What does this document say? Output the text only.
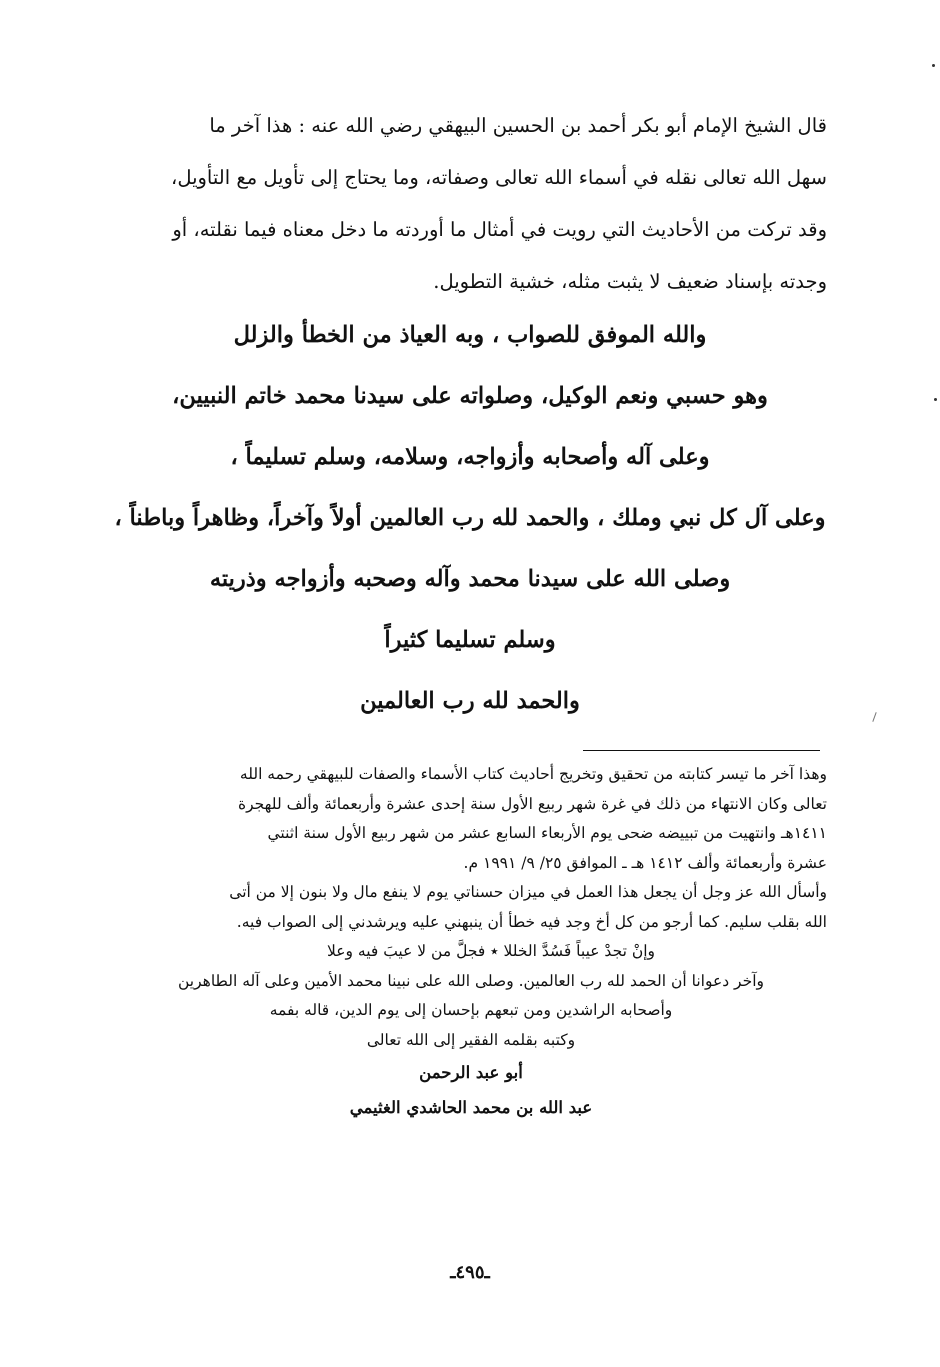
قال الشيخ الإمام أبو بكر أحمد بن الحسين البيهقي رضي الله عنه : هذا آخر ما
سهل الله تعالى نقله في أسماء الله تعالى وصفاته، وما يحتاج إلى تأويل مع التأويل،
وقد تركت من الأحاديث التي رويت في أمثال ما أوردته ما دخل معناه فيما نقلته، أو
وجدته بإسناد ضعيف لا يثبت مثله، خشية التطويل.
والله الموفق للصواب ، وبه العياذ من الخطأ والزلل
وهو حسبي ونعم الوكيل، وصلواته على سيدنا محمد خاتم النبيين،
وعلى آله وأصحابه وأزواجه، وسلامه، وسلم تسليماً ،
وعلى آل كل نبي وملك ، والحمد لله رب العالمين أولاً وآخراً، وظاهراً وباطناً ،
وصلى الله على سيدنا محمد وآله وصحبه وأزواجه وذريته
وسلم تسليما كثيراً
والحمد لله رب العالمين
وهذا آخر ما تيسر كتابته من تحقيق وتخريج أحاديث كتاب الأسماء والصفات للبيهقي رحمه الله
تعالى وكان الانتهاء من ذلك في غرة شهر ربيع الأول سنة إحدى عشرة وأربعمائة وألف للهجرة
١٤١١هـ وانتهيت من تبييضه ضحى يوم الأربعاء السابع عشر من شهر ربيع الأول سنة اثنتي
عشرة وأربعمائة وألف ١٤١٢ هـ ـ الموافق ٢٥/ ٩/ ١٩٩١ م.
وأسأل الله عز وجل أن يجعل هذا العمل في ميزان حسناتي يوم لا ينفع مال ولا بنون إلا من أتى
الله بقلب سليم. كما أرجو من كل أخ وجد فيه خطأ أن ينبهني عليه ويرشدني إلى الصواب فيه.
وإنْ تجدْ عيباً فَسُدَّ الخللا ٭ فجلَّ من لا عيبَ فيه وعلا
وآخر دعوانا أن الحمد لله رب العالمين. وصلى الله على نبينا محمد الأمين وعلى آله الطاهرين
وأصحابه الراشدين ومن تبعهم بإحسان إلى يوم الدين، قاله بفمه
وكتبه بقلمه الفقير إلى الله تعالى
أبو عبد الرحمن
عبد الله بن محمد الحاشدي الغثيمي
ـ٤٩٥ـ
